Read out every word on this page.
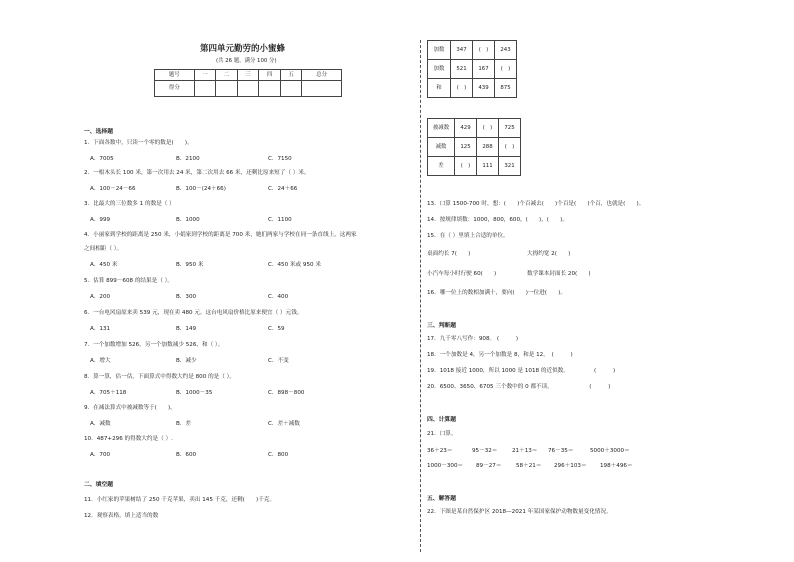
第四单元勤劳的小蜜蜂
(共 26 题，满分 100 分)
题号	一	二	三	四	五	总分
得分						
一、选择题
1．下面各数中，只读一个零的数是(　　)。
A．7005	B．2100	C．7150
2．一根木头长 100 米，第一次用去 24 米，第二次用去 66 米，还剩比原来短了（ ）米。
A．100－24－66	B．100－(24＋66)	C．24＋66
3．比最大的三位数多 1 的数是（ ）
A．999	B．1000	C．1100
4．小丽家到学校的距离是 250 米，小娟家到学校的距离是 700 米，她们两家与学校在同一条直线上，这两家
之间相距（ ）。
A．450 米	B．950 米	C．450 米或 950 米
5．估算 899－608 的结果是（ ）。
A．200	B．300	C．400
6．一台电风扇原来卖 539 元，现在卖 480 元。这台电风扇价格比原来便宜（ ）元钱。
A．131	B．149	C．59
7．一个加数增加 526，另一个加数减少 526，和（ ）。
A．增大	B．减少	C．不变
8．算一算，估一估，下面算式中得数大约是 800 的是（ ）。
A．705＋118	B．1000－35	C．898－800
9．在减法算式中被减数等于(　　)。
A．减数	B．差	C．差＋减数
10．487+296 的得数大约是（ ）.
A．700	B．600	C．800
二、填空题
11．小红家的苹果树结了 250 千克苹果，卖出 145 千克，还剩(　　)千克。
12．观察表格，填上适当的数
加数	347	(　)	243
加数	521	167	(　)
和	(　)	439	875
被减数	429	(　)	725
减数	125	288	(　)
差	(　)	111	321
13．口算 1500-700 时，想：(　　)个百减去(　　)个百是(　　)个百，也就是(　　)。
14．按规律填数：1000，800，600，(　　)，(　　)。
15．在（ ）里填上合适的单位。
桌面约长 7(　　)	大拇约宽 2(　　)
小汽车每小时行驶 60(　　)	数学课本封面长 20(　　)
16．哪一位上的数相加满十，要向(　　)一位进(　　)。
三、判断题
17．九千零八写作：908。 (　　　)
18．一个加数是 4，另一个加数是 8，和是 12。　(　　　)
19．1018 接近 1000，所以 1000 是 1018 的近似数。　　　　　(　　　)
20．6500、3650、6705 三个数中的 0 都不读。　　　　　　　(　　　)
四、计算题
21．口算。
36＋23＝	95－32＝	21＋13＝ 76－35＝	5000＋3000＝
1000－300＝ 89－27＝	58＋21＝ 296＋103＝ 198＋496＝
五、解答题
22．下图是某自然保护区 2018—2021 年某国家保护动物数量变化情况。
